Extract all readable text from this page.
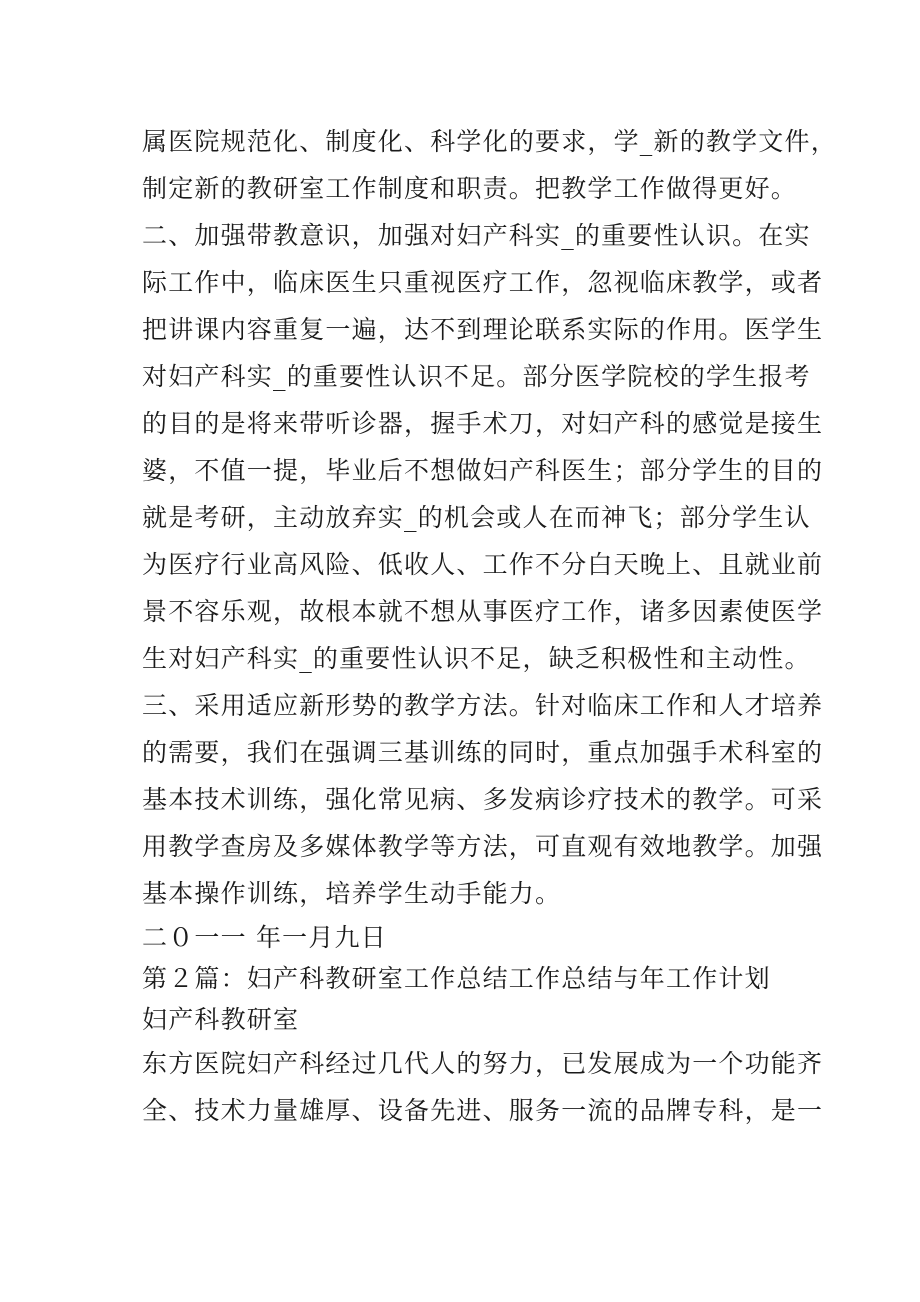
属医院规范化、制度化、科学化的要求，学_新的教学文件，
制定新的教研室工作制度和职责。把教学工作做得更好。
二、加强带教意识，加强对妇产科实_的重要性认识。在实
际工作中，临床医生只重视医疗工作，忽视临床教学，或者
把讲课内容重复一遍，达不到理论联系实际的作用。医学生
对妇产科实_的重要性认识不足。部分医学院校的学生报考
的目的是将来带听诊器，握手术刀，对妇产科的感觉是接生
婆，不值一提，毕业后不想做妇产科医生；部分学生的目的
就是考研，主动放弃实_的机会或人在而神飞；部分学生认
为医疗行业高风险、低收人、工作不分白天晚上、且就业前
景不容乐观，故根本就不想从事医疗工作，诸多因素使医学
生对妇产科实_的重要性认识不足，缺乏积极性和主动性。
三、采用适应新形势的教学方法。针对临床工作和人才培养
的需要，我们在强调三基训练的同时，重点加强手术科室的
基本技术训练，强化常见病、多发病诊疗技术的教学。可采
用教学查房及多媒体教学等方法，可直观有效地教学。加强
基本操作训练，培养学生动手能力。
二０一一 年一月九日
第２篇：妇产科教研室工作总结工作总结与年工作计划
妇产科教研室
东方医院妇产科经过几代人的努力，已发展成为一个功能齐
全、技术力量雄厚、设备先进、服务一流的品牌专科，是一
